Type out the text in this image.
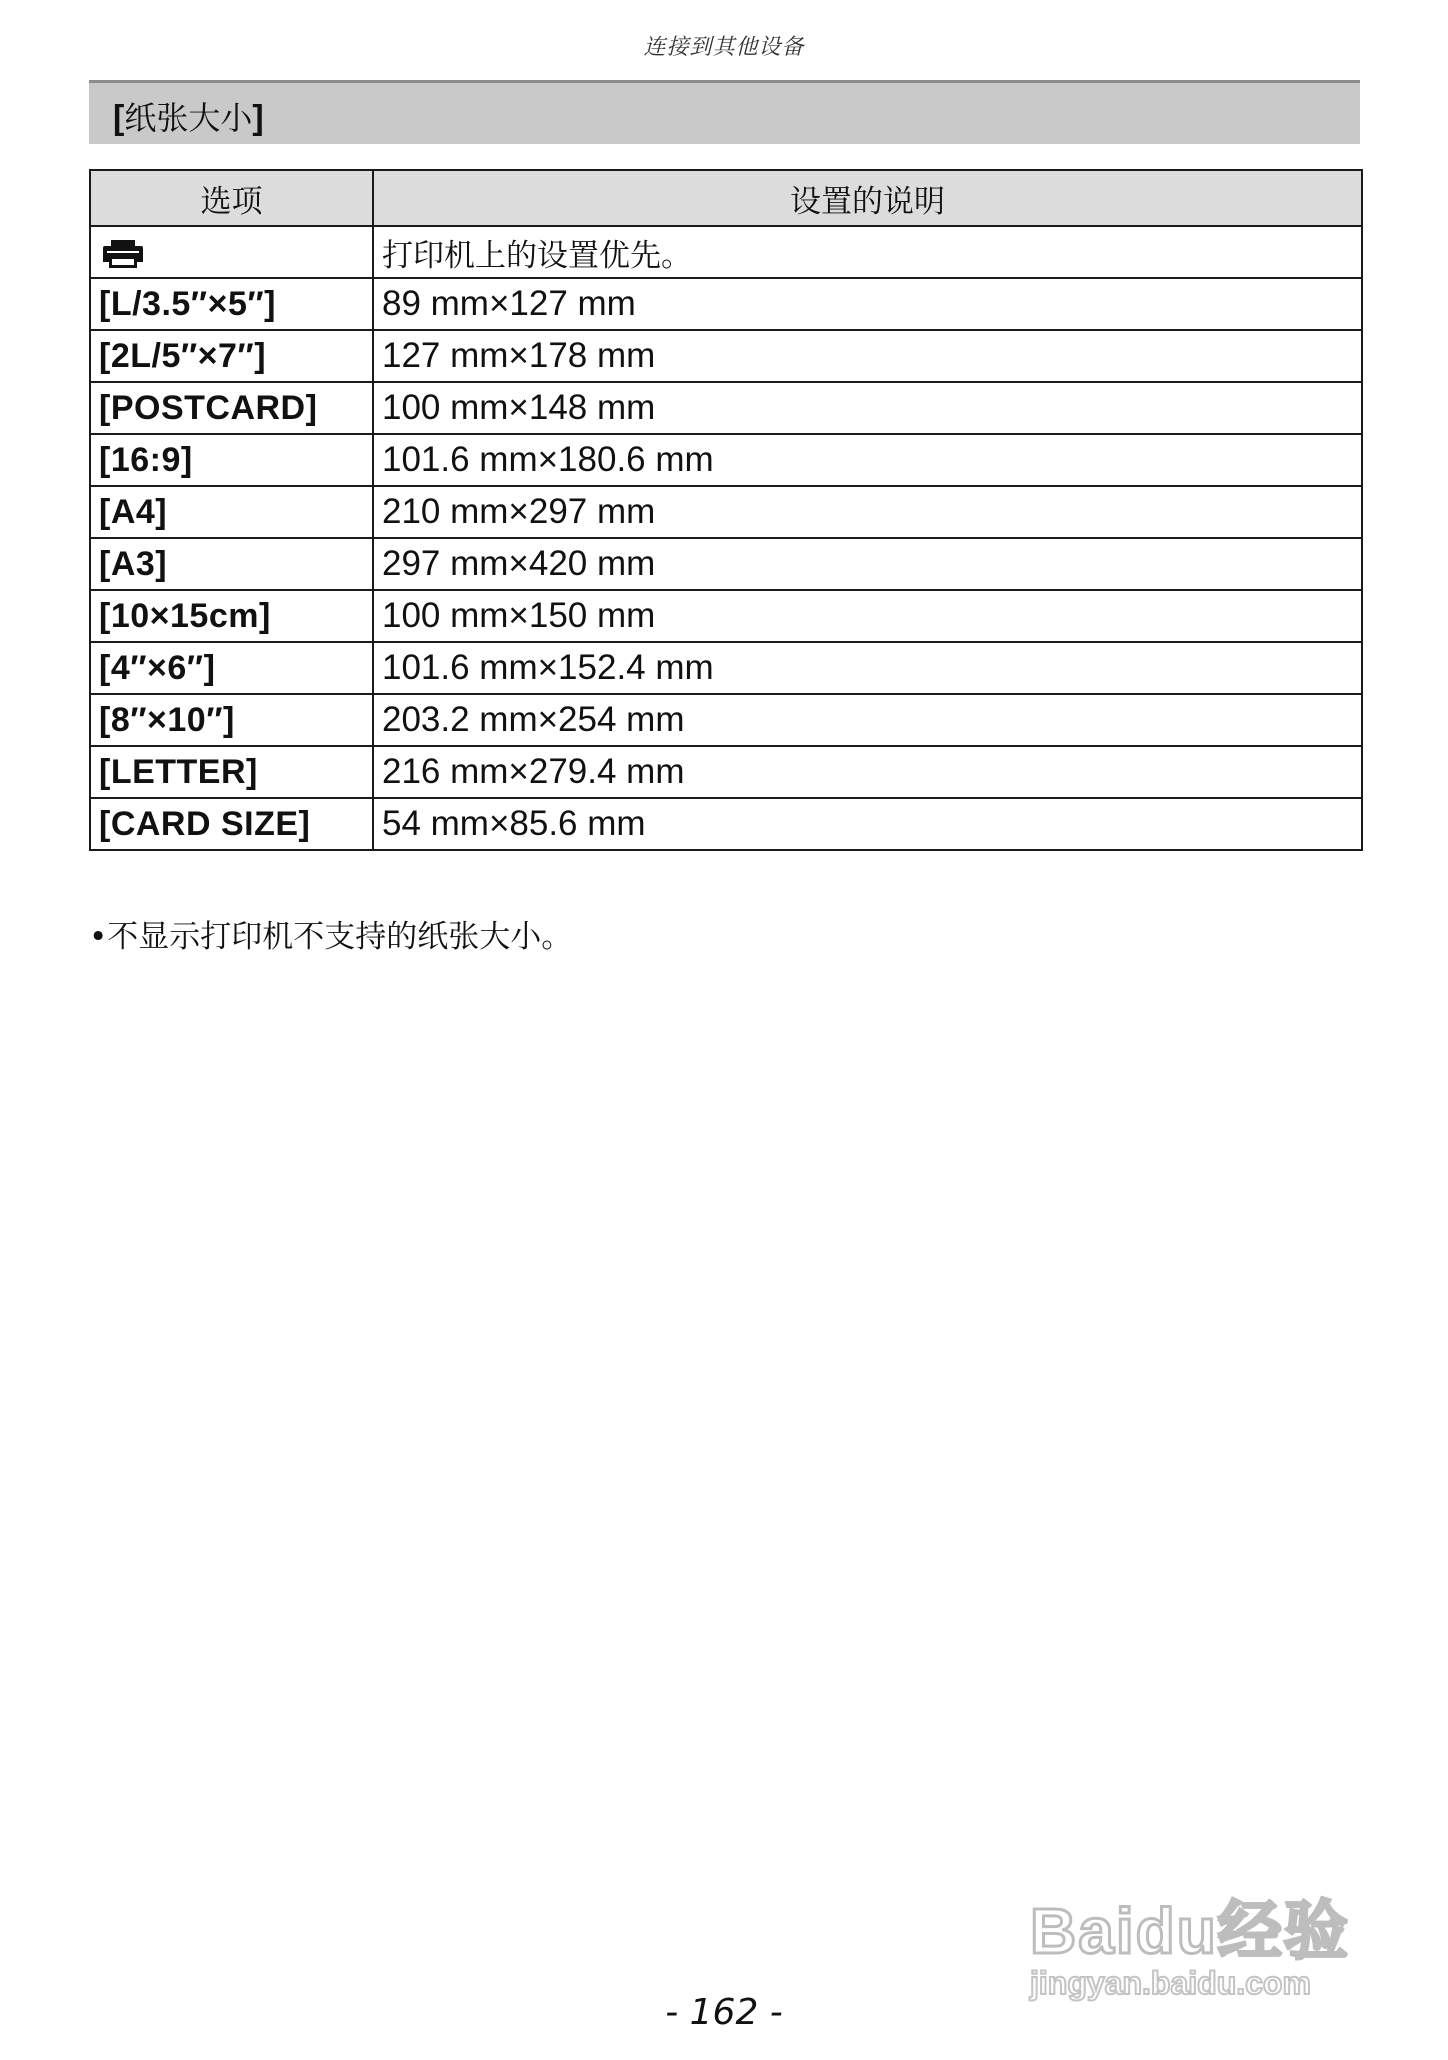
连接到其他设备
[纸张大小]
选项	设置的说明
	打印机上的设置优先。
[L/3.5″×5″]	89 mm×127 mm
[2L/5″×7″]	127 mm×178 mm
[POSTCARD]	100 mm×148 mm
[16:9]	101.6 mm×180.6 mm
[A4]	210 mm×297 mm
[A3]	297 mm×420 mm
[10×15cm]	100 mm×150 mm
[4″×6″]	101.6 mm×152.4 mm
[8″×10″]	203.2 mm×254 mm
[LETTER]	216 mm×279.4 mm
[CARD SIZE]	54 mm×85.6 mm
•不显示打印机不支持的纸张大小。
Baidu经验
jingyan.baidu.com
- 162 -
